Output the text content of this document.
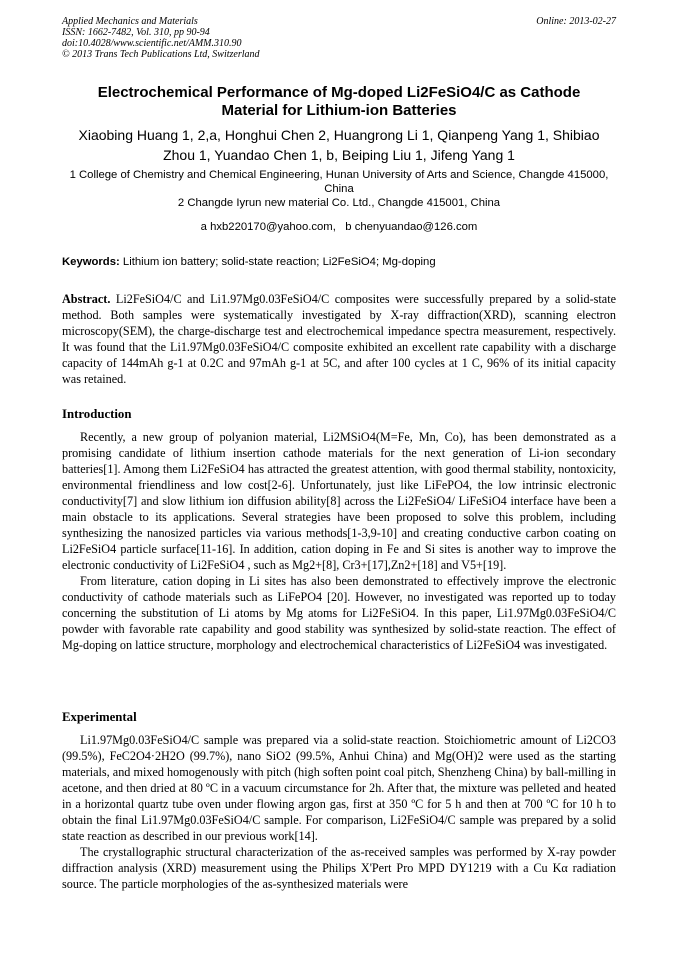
Applied Mechanics and Materials
ISSN: 1662-7482, Vol. 310, pp 90-94
doi:10.4028/www.scientific.net/AMM.310.90
© 2013 Trans Tech Publications Ltd, Switzerland
Online: 2013-02-27
Electrochemical Performance of Mg-doped Li2FeSiO4/C as Cathode
Material for Lithium-ion Batteries
Xiaobing Huang 1, 2,a, Honghui Chen 2, Huangrong Li 1, Qianpeng Yang 1, Shibiao Zhou 1, Yuandao Chen 1, b, Beiping Liu 1, Jifeng Yang 1
1 College of Chemistry and Chemical Engineering, Hunan University of Arts and Science, Changde 415000, China
2 Changde Iyrun new material Co. Ltd., Changde 415001, China
a hxb220170@yahoo.com, b chenyuandao@126.com
Keywords: Lithium ion battery; solid-state reaction; Li2FeSiO4; Mg-doping

Abstract. Li2FeSiO4/C and Li1.97Mg0.03FeSiO4/C composites were successfully prepared by a solid-state method. Both samples were systematically investigated by X-ray diffraction(XRD), scanning electron microscopy(SEM), the charge-discharge test and electrochemical impedance spectra measurement, respectively. It was found that the Li1.97Mg0.03FeSiO4/C composite exhibited an excellent rate capability with a discharge capacity of 144mAh g-1 at 0.2C and 97mAh g-1 at 5C, and after 100 cycles at 1 C, 96% of its initial capacity was retained.

Introduction

Recently, a new group of polyanion material, Li2MSiO4(M=Fe, Mn, Co), has been demonstrated as a promising candidate of lithium insertion cathode materials for the next generation of Li-ion secondary batteries[1]. Among them Li2FeSiO4 has attracted the greatest attention, with good thermal stability, nontoxicity, environmental friendliness and low cost[2-6]. Unfortunately, just like LiFePO4, the low intrinsic electronic conductivity[7] and slow lithium ion diffusion ability[8] across the Li2FeSiO4/ LiFeSiO4 interface have been a main obstacle to its applications. Several strategies have been proposed to solve this problem, including synthesizing the nanosized particles via various methods[1-3,9-10] and creating conductive carbon coating on Li2FeSiO4 particle surface[11-16]. In addition, cation doping in Fe and Si sites is another way to improve the electronic conductivity of Li2FeSiO4 , such as Mg2+[8], Cr3+[17],Zn2+[18] and V5+[19].

From literature, cation doping in Li sites has also been demonstrated to effectively improve the electronic conductivity of cathode materials such as LiFePO4 [20]. However, no investigated was reported up to today concerning the substitution of Li atoms by Mg atoms for Li2FeSiO4. In this paper, Li1.97Mg0.03FeSiO4/C powder with favorable rate capability and good stability was synthesized by solid-state reaction. The effect of Mg-doping on lattice structure, morphology and electrochemical characteristics of Li2FeSiO4 was investigated.

Experimental

Li1.97Mg0.03FeSiO4/C sample was prepared via a solid-state reaction. Stoichiometric amount of Li2CO3 (99.5%), FeC2O4·2H2O (99.7%), nano SiO2 (99.5%, Anhui China) and Mg(OH)2 were used as the starting materials, and mixed homogenously with pitch (high soften point coal pitch, Shenzheng China) by ball-milling in acetone, and then dried at 80 ºC in a vacuum circumstance for 2h. After that, the mixture was pelleted and heated in a horizontal quartz tube oven under flowing argon gas, first at 350 ºC for 5 h and then at 700 ºC for 10 h to obtain the final Li1.97Mg0.03FeSiO4/C sample. For comparison, Li2FeSiO4/C sample was prepared by a solid state reaction as described in our previous work[14].

The crystallographic structural characterization of the as-received samples was performed by X-ray powder diffraction analysis (XRD) measurement using the Philips X'Pert Pro MPD DY1219 with a Cu Kα radiation source. The particle morphologies of the as-synthesized materials were
